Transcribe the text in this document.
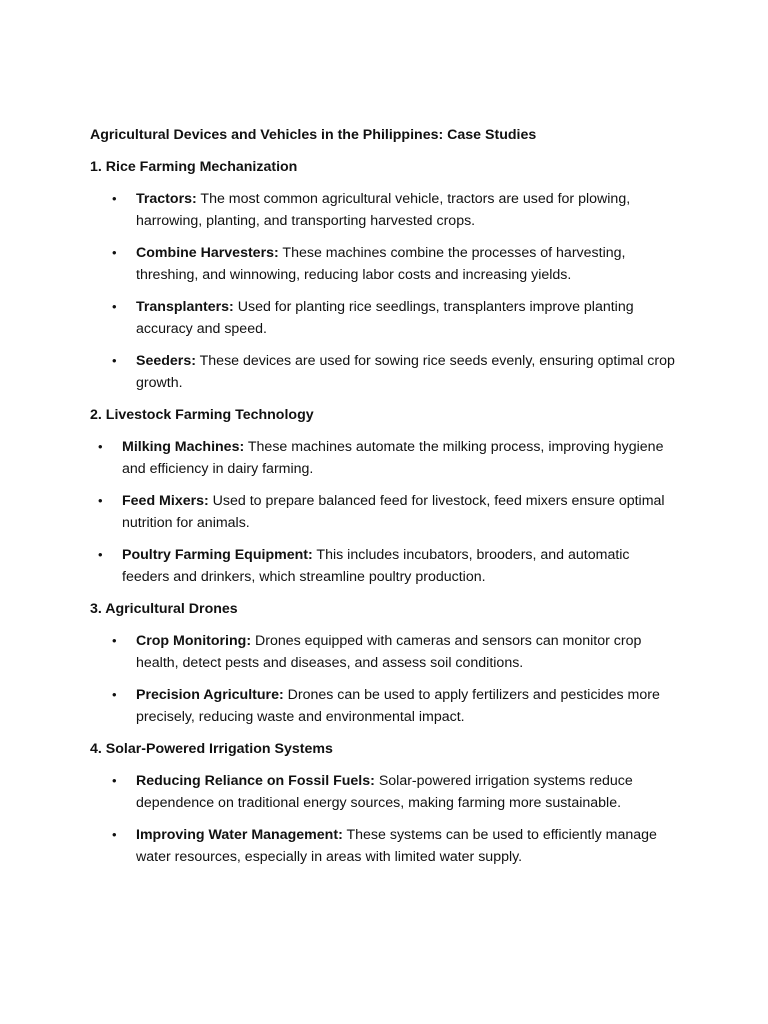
Agricultural Devices and Vehicles in the Philippines: Case Studies

1. Rice Farming Mechanization

• Tractors: The most common agricultural vehicle, tractors are used for plowing, harrowing, planting, and transporting harvested crops.
• Combine Harvesters: These machines combine the processes of harvesting, threshing, and winnowing, reducing labor costs and increasing yields.
• Transplanters: Used for planting rice seedlings, transplanters improve planting accuracy and speed.
• Seeders: These devices are used for sowing rice seeds evenly, ensuring optimal crop growth.

2. Livestock Farming Technology

• Milking Machines: These machines automate the milking process, improving hygiene and efficiency in dairy farming.
• Feed Mixers: Used to prepare balanced feed for livestock, feed mixers ensure optimal nutrition for animals.
• Poultry Farming Equipment: This includes incubators, brooders, and automatic feeders and drinkers, which streamline poultry production.

3. Agricultural Drones

• Crop Monitoring: Drones equipped with cameras and sensors can monitor crop health, detect pests and diseases, and assess soil conditions.
• Precision Agriculture: Drones can be used to apply fertilizers and pesticides more precisely, reducing waste and environmental impact.

4. Solar-Powered Irrigation Systems

• Reducing Reliance on Fossil Fuels: Solar-powered irrigation systems reduce dependence on traditional energy sources, making farming more sustainable.
• Improving Water Management: These systems can be used to efficiently manage water resources, especially in areas with limited water supply.
